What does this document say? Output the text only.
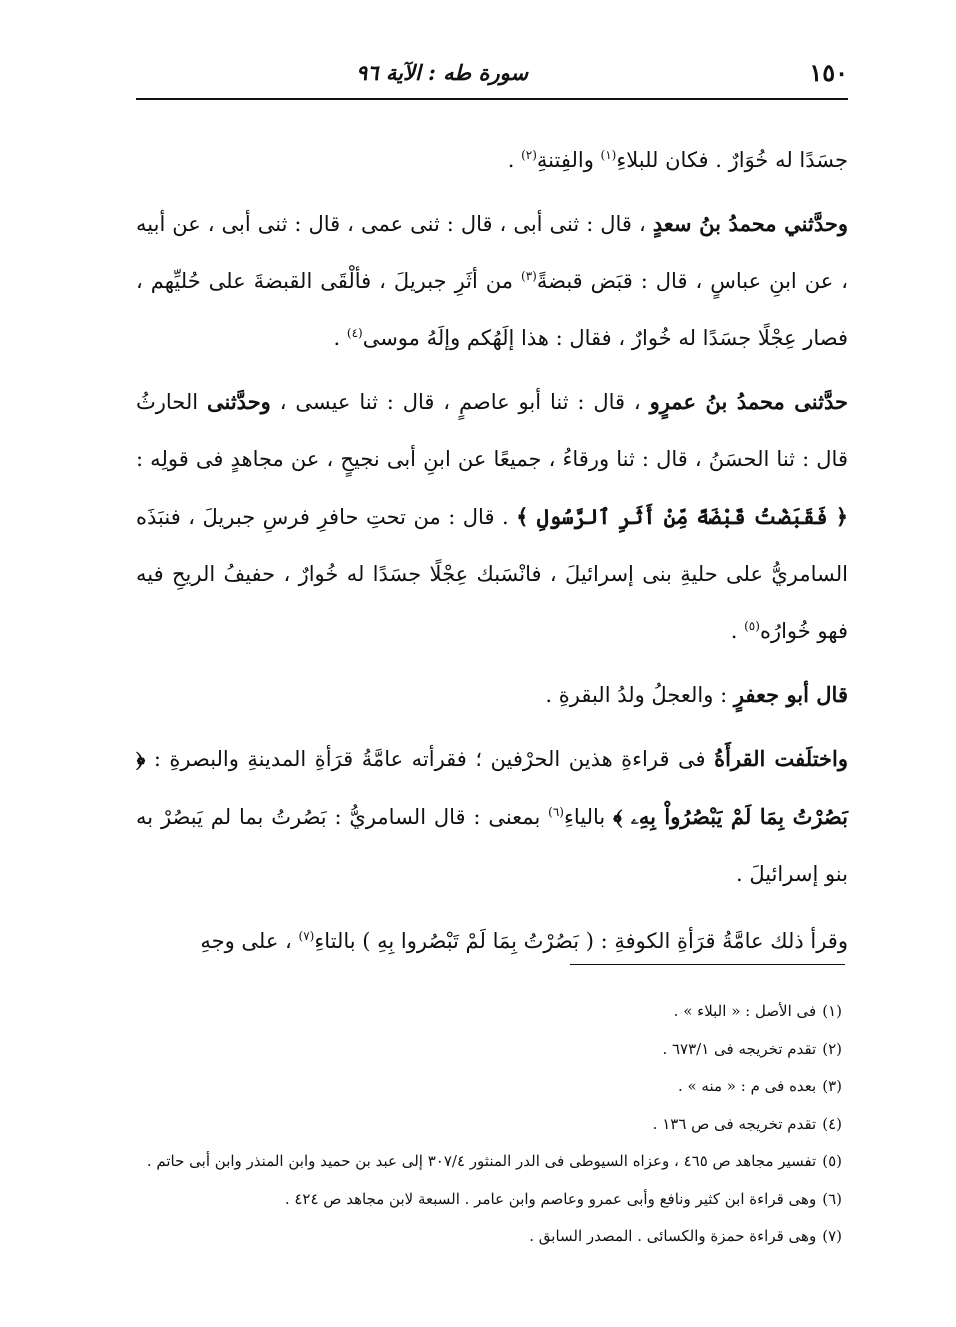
١٥٠
سورة طه : الآية ٩٦

جسَدًا له خُوَارٌ . فكان للبلاءِ$^{(١)}$ والفِتنةِ$^{(٢)}$ .

وحدَّثني محمدُ بنُ سعدٍ ، قال : ثنى أبى ، قال : ثنى عمى ، قال : ثنى أبى ، عن أبيه ، عن ابنِ عباسٍ ، قال : قبَض قبضةً$^{(٣)}$ من أثَرِ جبريلَ ، فألْقَى القبضةَ على حُليِّهم ، فصار عِجْلًا جسَدًا له خُوارٌ ، فقال : هذا إلَهُكم وإلَهُ موسى$^{(٤)}$ .

حدَّثنى محمدُ بنُ عمرٍو ، قال : ثنا أبو عاصمٍ ، قال : ثنا عيسى ، وحدَّثنى الحارثُ قال : ثنا الحسَنُ ، قال : ثنا ورقاءُ ، جميعًا عن ابنِ أبى نجيحٍ ، عن مجاهدٍ فى قولِه : ﴿ فَقَبَضْتُ قَبْضَةً مِّنْ أَثَرِ ٱلرَّسُولِ ﴾ . قال : من تحتِ حافرِ فرسِ جبريلَ ، فنبَذَه السامريُّ على حليةِ بنى إسرائيلَ ، فانْسَبك عِجْلًا جسَدًا له خُوارٌ ، حفيفُ الريحِ فيه فهو خُوارُه$^{(٥)}$ .

قال أبو جعفرٍ : والعجلُ ولدُ البقرةِ .

واختلَفت القرأَةُ فى قراءةِ هذين الحرْفين ؛ فقرأته عامَّةُ قرَأةِ المدينةِ والبصرةِ : ﴿ بَصُرْتُ بِمَا لَمْ يَبْصُرُواْ بِهِۦ ﴾ بالياءِ$^{(٦)}$ بمعنى : قال السامريُّ : بَصُرتُ بما لم يَبصُرْ به بنو إسرائيلَ .

وقرأ ذلك عامَّةُ قرَأةِ الكوفةِ : ( بَصُرْتُ بِمَا لَمْ تَبْصُروا بِهِ ) بالتاءِ$^{(٧)}$ ، على وجهِ

(١)فى الأصل : « البلاء » .
(٢)تقدم تخريجه فى ٦٧٣/١ .
(٣)بعده فى م : « منه » .
(٤)تقدم تخريجه فى ص ١٣٦ .
(٥)تفسير مجاهد ص ٤٦٥ ، وعزاه السيوطى فى الدر المنثور ٣٠٧/٤ إلى عبد بن حميد وابن المنذر وابن أبى حاتم .
(٦)وهى قراءة ابن كثير ونافع وأبى عمرو وعاصم وابن عامر . السبعة لابن مجاهد ص ٤٢٤ .
(٧)وهى قراءة حمزة والكسائى . المصدر السابق .
